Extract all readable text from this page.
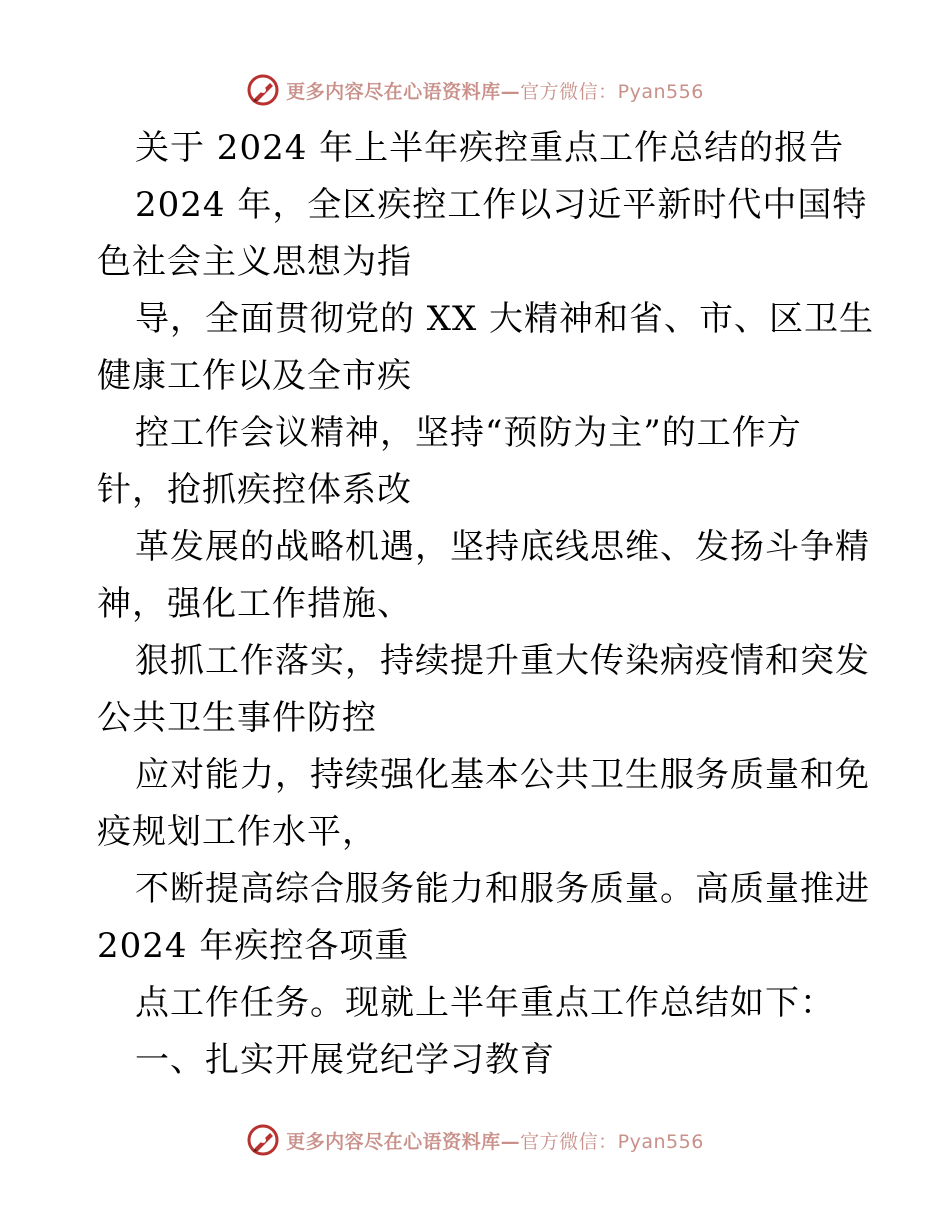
更多内容尽在心语资料库—官方微信：Pyan556
关于 2024 年上半年疾控重点工作总结的报告
2024 年，全区疾控工作以习近平新时代中国特
色社会主义思想为指
导，全面贯彻党的 XX 大精神和省、市、区卫生
健康工作以及全市疾
控工作会议精神，坚持“预防为主”的工作方
针，抢抓疾控体系改
革发展的战略机遇，坚持底线思维、发扬斗争精
神，强化工作措施、
狠抓工作落实，持续提升重大传染病疫情和突发
公共卫生事件防控
应对能力，持续强化基本公共卫生服务质量和免
疫规划工作水平，
不断提高综合服务能力和服务质量。高质量推进
2024 年疾控各项重
点工作任务。现就上半年重点工作总结如下：
一、扎实开展党纪学习教育
更多内容尽在心语资料库—官方微信：Pyan556
